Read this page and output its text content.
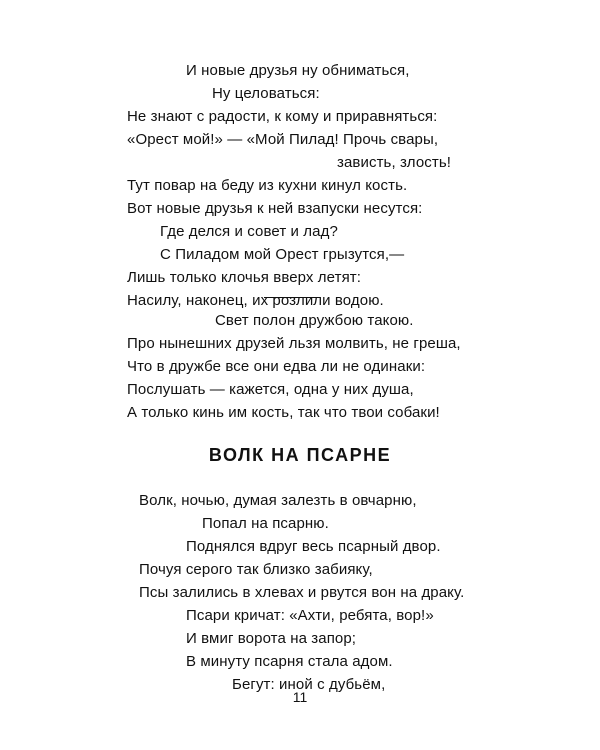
И новые друзья ну обниматься,
Ну целоваться:
Не знают с радости, к кому и приравняться:
«Орест мой!» — «Мой Пилад! Прочь свары,
зависть, злость!
Тут повар на беду из кухни кинул кость.
Вот новые друзья к ней взапуски несутся:
Где делся и совет и лад?
С Пиладом мой Орест грызутся,—
Лишь только клочья вверх летят:
Насилу, наконец, их розлили водою.
Свет полон дружбою такою.
Про нынешних друзей льзя молвить, не греша,
Что в дружбе все они едва ли не одинаки:
Послушать — кажется, одна у них душа,
А только кинь им кость, так что твои собаки!
ВОЛК НА ПСАРНЕ
Волк, ночью, думая залезть в овчарню,
Попал на псарню.
Поднялся вдруг весь псарный двор.
Почуя серого так близко забияку,
Псы залились в хлевах и рвутся вон на драку.
Псари кричат: «Ахти, ребята, вор!»
И вмиг ворота на запор;
В минуту псарня стала адом.
Бегут: иной с дубьём,
11
